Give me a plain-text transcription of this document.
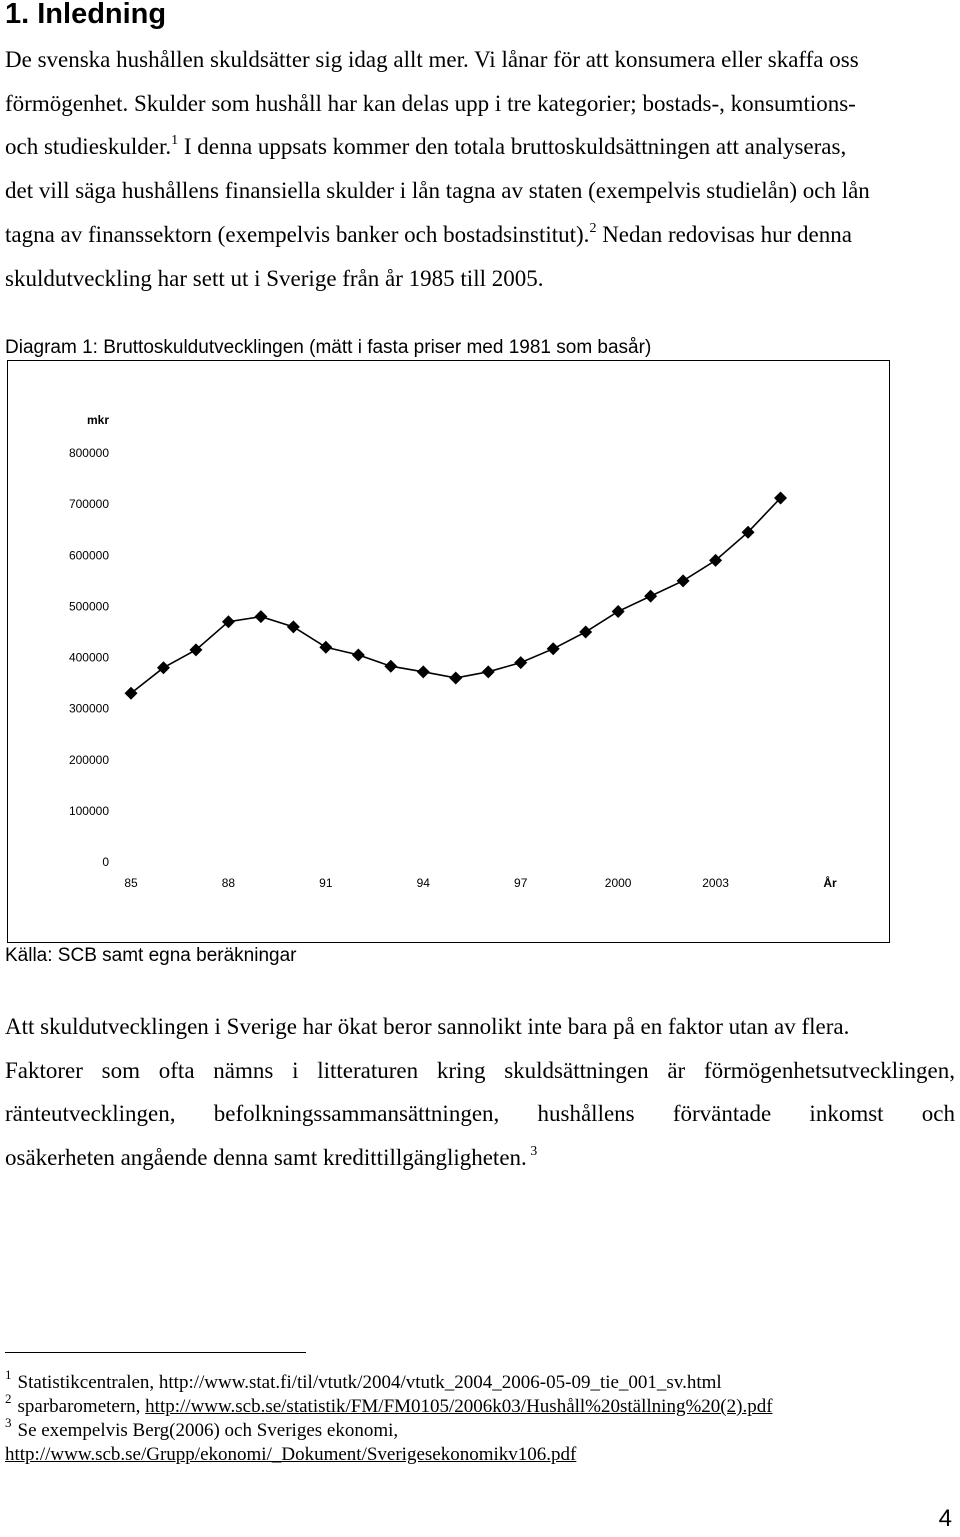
1. Inledning
De svenska hushållen skuldsätter sig idag allt mer. Vi lånar för att konsumera eller skaffa oss
förmögenhet. Skulder som hushåll har kan delas upp i tre kategorier; bostads-, konsumtions-
och studieskulder.$^1$ I denna uppsats kommer den totala bruttoskuldsättningen att analyseras,
det vill säga hushållens finansiella skulder i lån tagna av staten (exempelvis studielån) och lån
tagna av finanssektorn (exempelvis banker och bostadsinstitut).$^2$ Nedan redovisas hur denna
skuldutveckling har sett ut i Sverige från år 1985 till 2005.
Diagram 1: Bruttoskuldutvecklingen (mätt i fasta priser med 1981 som basår)
mkr
800000
700000
600000
500000
400000
300000
200000
100000
0
85	88	91	94	97	2000	2003	År
Källa: SCB samt egna beräkningar
Att skuldutvecklingen i Sverige har ökat beror sannolikt inte bara på en faktor utan av flera.
Faktorer som ofta nämns i litteraturen kring skuldsättningen är förmögenhetsutvecklingen,
ränteutvecklingen, befolkningssammansättningen, hushållens förväntade inkomst och
osäkerheten angående denna samt kredittillgängligheten. $^3$
$^1$ Statistikcentralen, http://www.stat.fi/til/vtutk/2004/vtutk_2004_2006-05-09_tie_001_sv.html
$^2$ sparbarometern, http://www.scb.se/statistik/FM/FM0105/2006k03/Hushåll%20ställning%20(2).pdf
$^3$ Se exempelvis Berg(2006) och Sveriges ekonomi,
http://www.scb.se/Grupp/ekonomi/_Dokument/Sverigesekonomikv106.pdf
4
